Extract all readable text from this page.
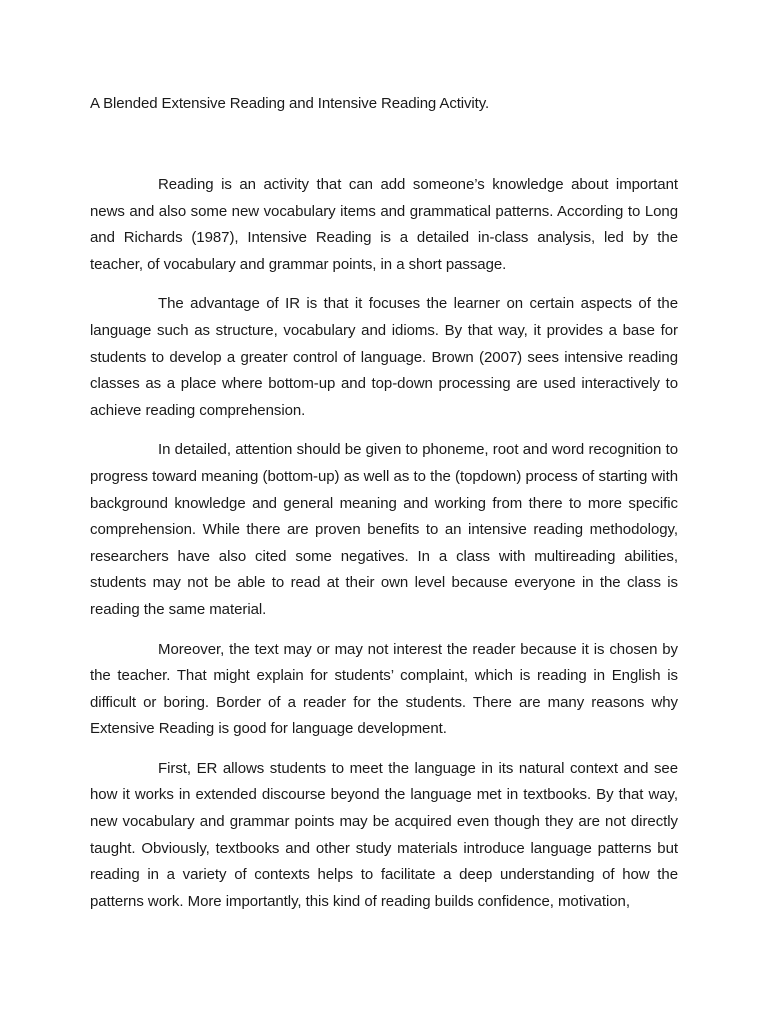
A Blended Extensive Reading and Intensive Reading Activity.

Reading is an activity that can add someone’s knowledge about important news and also some new vocabulary items and grammatical patterns. According to Long and Richards (1987), Intensive Reading is a detailed in-class analysis, led by the teacher, of vocabulary and grammar points, in a short passage.

The advantage of IR is that it focuses the learner on certain aspects of the language such as structure, vocabulary and idioms. By that way, it provides a base for students to develop a greater control of language. Brown (2007) sees intensive reading classes as a place where bottom-up and top-down processing are used interactively to achieve reading comprehension.

In detailed, attention should be given to phoneme, root and word recognition to progress toward meaning (bottom-up) as well as to the (topdown) process of starting with background knowledge and general meaning and working from there to more specific comprehension. While there are proven benefits to an intensive reading methodology, researchers have also cited some negatives. In a class with multireading abilities, students may not be able to read at their own level because everyone in the class is reading the same material.

Moreover, the text may or may not interest the reader because it is chosen by the teacher. That might explain for students’ complaint, which is reading in English is difficult or boring. Border of a reader for the students. There are many reasons why Extensive Reading is good for language development.

First, ER allows students to meet the language in its natural context and see how it works in extended discourse beyond the language met in textbooks. By that way, new vocabulary and grammar points may be acquired even though they are not directly taught. Obviously, textbooks and other study materials introduce language patterns but reading in a variety of contexts helps to facilitate a deep understanding of how the patterns work. More importantly, this kind of reading builds confidence, motivation,
